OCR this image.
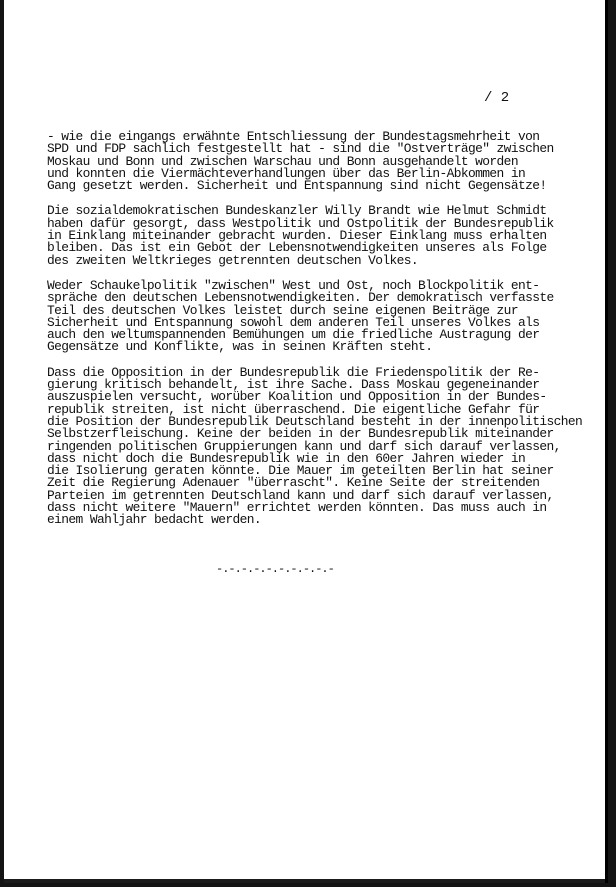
/ 2

- wie die eingangs erwähnte Entschliessung der Bundestagsmehrheit von
SPD und FDP sachlich festgestellt hat - sind die "Ostverträge" zwischen
Moskau und Bonn und zwischen Warschau und Bonn ausgehandelt worden
und konnten die Viermächteverhandlungen über das Berlin-Abkommen in
Gang gesetzt werden. Sicherheit und Entspannung sind nicht Gegensätze!

Die sozialdemokratischen Bundeskanzler Willy Brandt wie Helmut Schmidt
haben dafür gesorgt, dass Westpolitik und Ostpolitik der Bundesrepublik
in Einklang miteinander gebracht wurden. Dieser Einklang muss erhalten
bleiben. Das ist ein Gebot der Lebensnotwendigkeiten unseres als Folge
des zweiten Weltkrieges getrennten deutschen Volkes.

Weder Schaukelpolitik "zwischen" West und Ost, noch Blockpolitik ent-
spräche den deutschen Lebensnotwendigkeiten. Der demokratisch verfasste
Teil des deutschen Volkes leistet durch seine eigenen Beiträge zur
Sicherheit und Entspannung sowohl dem anderen Teil unseres Volkes als
auch den weltumspannenden Bemühungen um die friedliche Austragung der
Gegensätze und Konflikte, was in seinen Kräften steht.

Dass die Opposition in der Bundesrepublik die Friedenspolitik der Re-
gierung kritisch behandelt, ist ihre Sache. Dass Moskau gegeneinander
auszuspielen versucht, worüber Koalition und Opposition in der Bundes-
republik streiten, ist nicht überraschend. Die eigentliche Gefahr für
die Position der Bundesrepublik Deutschland besteht in der innenpolitischen
Selbstzerfleischung. Keine der beiden in der Bundesrepublik miteinander
ringenden politischen Gruppierungen kann und darf sich darauf verlassen,
dass nicht doch die Bundesrepublik wie in den 60er Jahren wieder in
die Isolierung geraten könnte. Die Mauer im geteilten Berlin hat seiner
Zeit die Regierung Adenauer "überrascht". Keine Seite der streitenden
Parteien im getrennten Deutschland kann und darf sich darauf verlassen,
dass nicht weitere "Mauern" errichtet werden könnten. Das muss auch in
einem Wahljahr bedacht werden.

-.-.-.-.-.-.-.-.-.-
